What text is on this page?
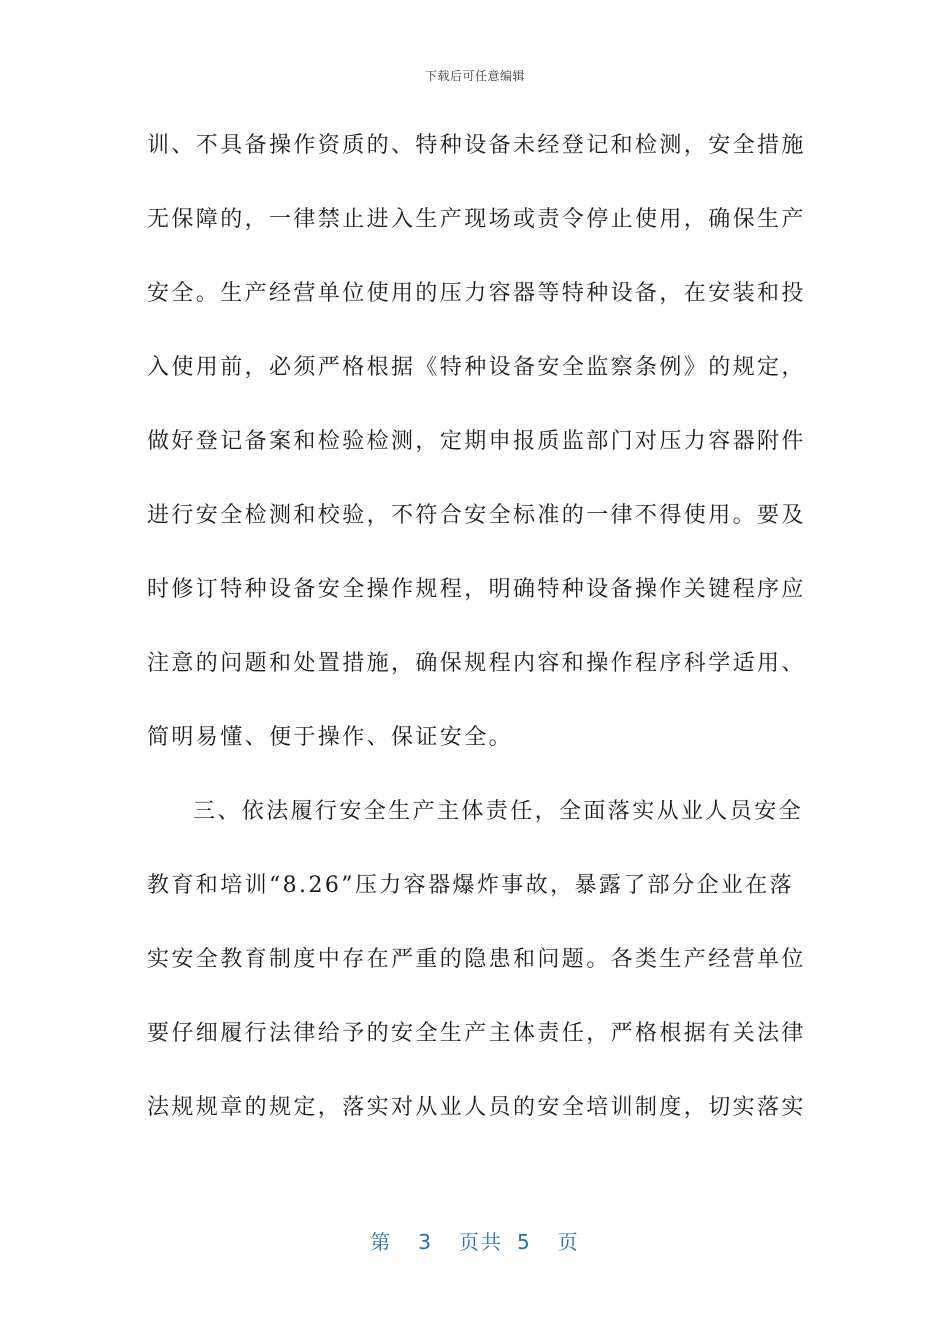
下载后可任意编辑
训、不具备操作资质的、特种设备未经登记和检测，安全措施
无保障的，一律禁止进入生产现场或责令停止使用，确保生产
安全。生产经营单位使用的压力容器等特种设备，在安装和投
入使用前，必须严格根据《特种设备安全监察条例》的规定，
做好登记备案和检验检测，定期申报质监部门对压力容器附件
进行安全检测和校验，不符合安全标准的一律不得使用。要及
时修订特种设备安全操作规程，明确特种设备操作关键程序应
注意的问题和处置措施，确保规程内容和操作程序科学适用、
简明易懂、便于操作、保证安全。
三、依法履行安全生产主体责任，全面落实从业人员安全
教育和培训“8.26”压力容器爆炸事故，暴露了部分企业在落
实安全教育制度中存在严重的隐患和问题。各类生产经营单位
要仔细履行法律给予的安全生产主体责任，严格根据有关法律
法规规章的规定，落实对从业人员的安全培训制度，切实落实
第 3 页共 5 页
